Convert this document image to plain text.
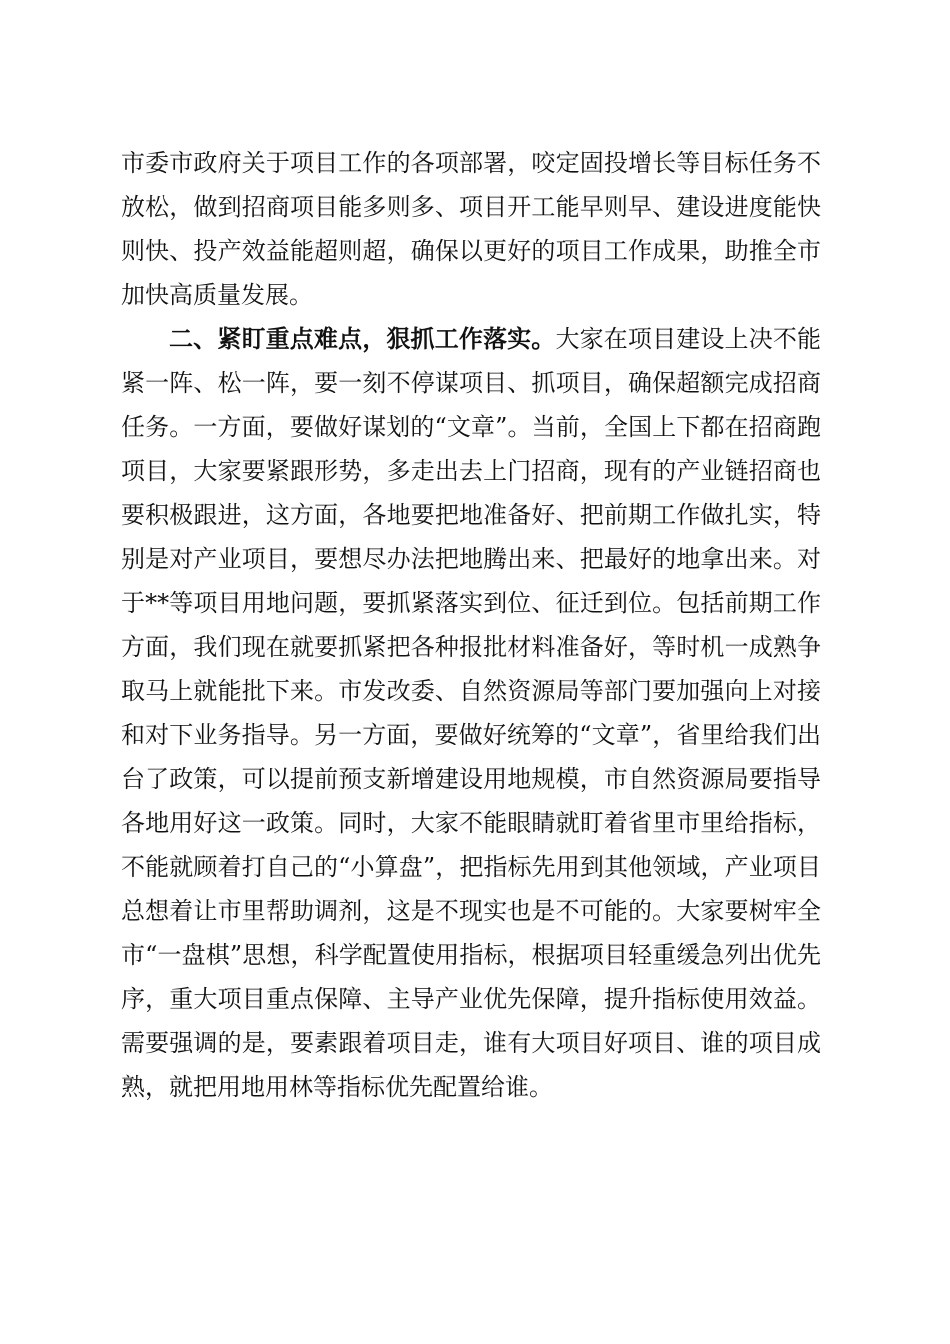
市委市政府关于项目工作的各项部署，咬定固投增长等目标任务不放松，做到招商项目能多则多、项目开工能早则早、建设进度能快则快、投产效益能超则超，确保以更好的项目工作成果，助推全市加快高质量发展。

二、紧盯重点难点，狠抓工作落实。大家在项目建设上决不能紧一阵、松一阵，要一刻不停谋项目、抓项目，确保超额完成招商任务。一方面，要做好谋划的“文章”。当前，全国上下都在招商跑项目，大家要紧跟形势，多走出去上门招商，现有的产业链招商也要积极跟进，这方面，各地要把地准备好、把前期工作做扎实，特别是对产业项目，要想尽办法把地腾出来、把最好的地拿出来。对于**等项目用地问题，要抓紧落实到位、征迁到位。包括前期工作方面，我们现在就要抓紧把各种报批材料准备好，等时机一成熟争取马上就能批下来。市发改委、自然资源局等部门要加强向上对接和对下业务指导。另一方面，要做好统筹的“文章”，省里给我们出台了政策，可以提前预支新增建设用地规模，市自然资源局要指导各地用好这一政策。同时，大家不能眼睛就盯着省里市里给指标，不能就顾着打自己的“小算盘”，把指标先用到其他领域，产业项目总想着让市里帮助调剂，这是不现实也是不可能的。大家要树牢全市“一盘棋”思想，科学配置使用指标，根据项目轻重缓急列出优先序，重大项目重点保障、主导产业优先保障，提升指标使用效益。需要强调的是，要素跟着项目走，谁有大项目好项目、谁的项目成熟，就把用地用林等指标优先配置给谁。
